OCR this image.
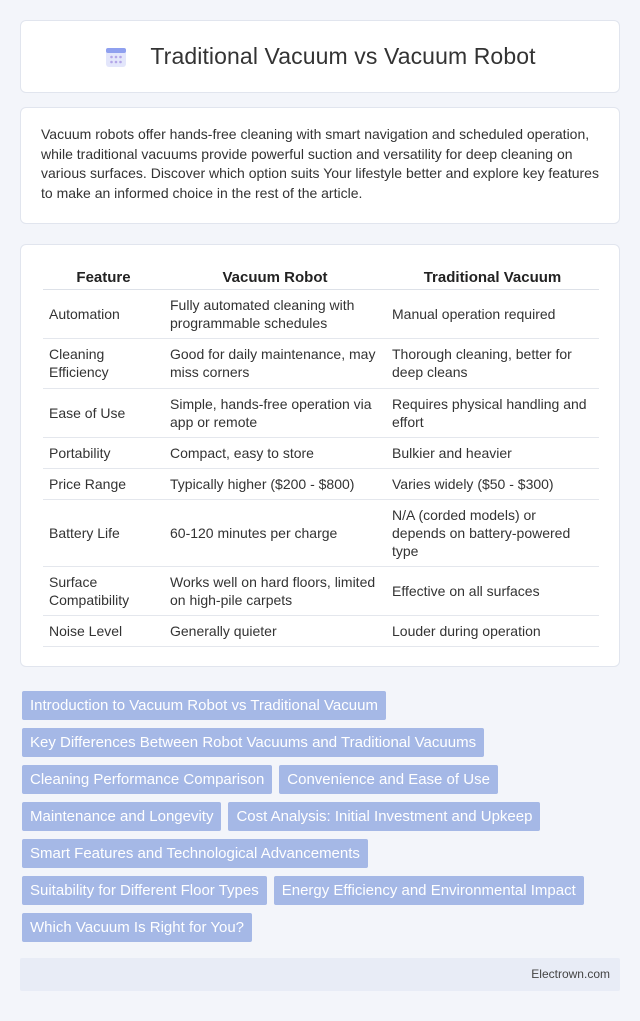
Traditional Vacuum vs Vacuum Robot

Vacuum robots offer hands-free cleaning with smart navigation and scheduled operation, while traditional vacuums provide powerful suction and versatility for deep cleaning on various surfaces. Discover which option suits Your lifestyle better and explore key features to make an informed choice in the rest of the article.

Feature	Vacuum Robot	Traditional Vacuum
Automation	Fully automated cleaning with programmable schedules	Manual operation required
Cleaning Efficiency	Good for daily maintenance, may miss corners	Thorough cleaning, better for deep cleans
Ease of Use	Simple, hands-free operation via app or remote	Requires physical handling and effort
Portability	Compact, easy to store	Bulkier and heavier
Price Range	Typically higher ($200 - $800)	Varies widely ($50 - $300)
Battery Life	60-120 minutes per charge	N/A (corded models) or depends on battery-powered type
Surface Compatibility	Works well on hard floors, limited on high-pile carpets	Effective on all surfaces
Noise Level	Generally quieter	Louder during operation
Introduction to Vacuum Robot vs Traditional Vacuum
Key Differences Between Robot Vacuums and Traditional Vacuums
Cleaning Performance Comparison	Convenience and Ease of Use
Maintenance and Longevity	Cost Analysis: Initial Investment and Upkeep
Smart Features and Technological Advancements
Suitability for Different Floor Types	Energy Efficiency and Environmental Impact
Which Vacuum Is Right for You?
Electrown.com
